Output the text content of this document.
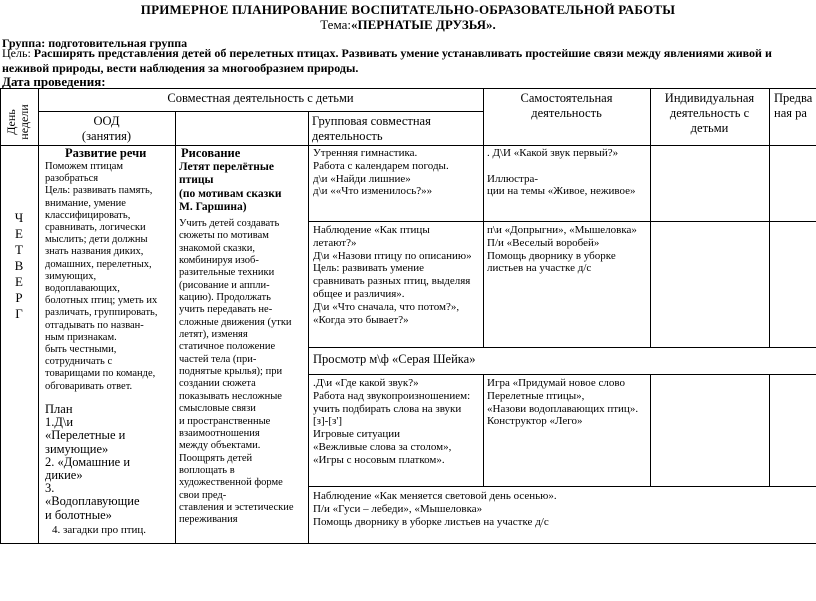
ПРИМЕРНОЕ ПЛАНИРОВАНИЕ ВОСПИТАТЕЛЬНО-ОБРАЗОВАТЕЛЬНОЙ РАБОТЫ
Тема:«ПЕРНАТЫЕ ДРУЗЬЯ».
Группа: подготовительная группа
Цель: Расширять представления детей об перелетных птицах. Развивать умение устанавливать простейшие связи между явлениями живой и
неживой природы, вести наблюдения за многообразием природы.
Дата проведения:
День
недели
Совместная деятельность с детьми
ООД
(занятия)
Групповая совместная
деятельность
Самостоятельная
деятельность
Индивидуальная
деятельность с
детьми
Предва
ная ра
Ч
Е
Т
В
Е
Р
Г
Развитие речи
Поможем птицам
разобраться
Цель: развивать память,
внимание, умение
классифицировать,
сравнивать, логически
мыслить; дети должны
знать названия диких,
домашних, перелетных,
зимующих,
водоплавающих,
болотных птиц; уметь их
различать, группировать,
отгадывать по назван-
ным признакам.
быть честными,
сотрудничать с
товарищами по команде,
обговаривать ответ.
План
1.Д\и
«Перелетные и
зимующие»
2. «Домашние и
дикие»
3.
«Водоплавующие
и болотные»
4. загадки про птиц.
Рисование
Летят перелётные
птицы
(по мотивам сказки
М. Гаршина)
Учить детей создавать
сюжеты по мотивам
знакомой сказки,
комбинируя изоб-
разительные техники
(рисование и аппли-
кацию). Продолжать
учить передавать не-
сложные движения (утки
летят), изменяя
статичное положение
частей тела (при-
поднятые крылья); при
создании сюжета
показывать несложные
смысловые связи
и пространственные
взаимоотношения
между объектами.
Поощрять детей
воплощать в
художественной форме
свои пред-
ставления и эстетические
переживания
Утренняя гимнастика.
Работа с календарем погоды.
д\и «Найди лишние»
д\и ««Что изменилось?»»
. Д\И «Какой звук первый?»

Иллюстра-
ции на темы «Живое, неживое»
Наблюдение «Как птицы
летают?»
Д\и «Назови птицу по описанию»
Цель: развивать умение
сравнивать разных птиц, выделяя
общее и различия».
Д\и «Что сначала, что потом?»,
«Когда это бывает?»
п\и «Допрыгни», «Мышеловка»
П/и «Веселый воробей»
Помощь дворнику в уборке
листьев на участке д/с
Просмотр м\ф «Серая Шейка»
.Д\и «Где какой звук?»
Работа над звукопроизношением:
учить подбирать слова на звуки
[з]-[з']
Игровые ситуации
«Вежливые слова за столом»,
«Игры с носовым платком».
Игра «Придумай новое слово
Перелетные птицы»,
«Назови водоплавающих птиц».
Конструктор «Лего»
Наблюдение «Как меняется световой день осенью».
П/и «Гуси – лебеди», «Мышеловка»
Помощь дворнику в уборке листьев на участке д/с
